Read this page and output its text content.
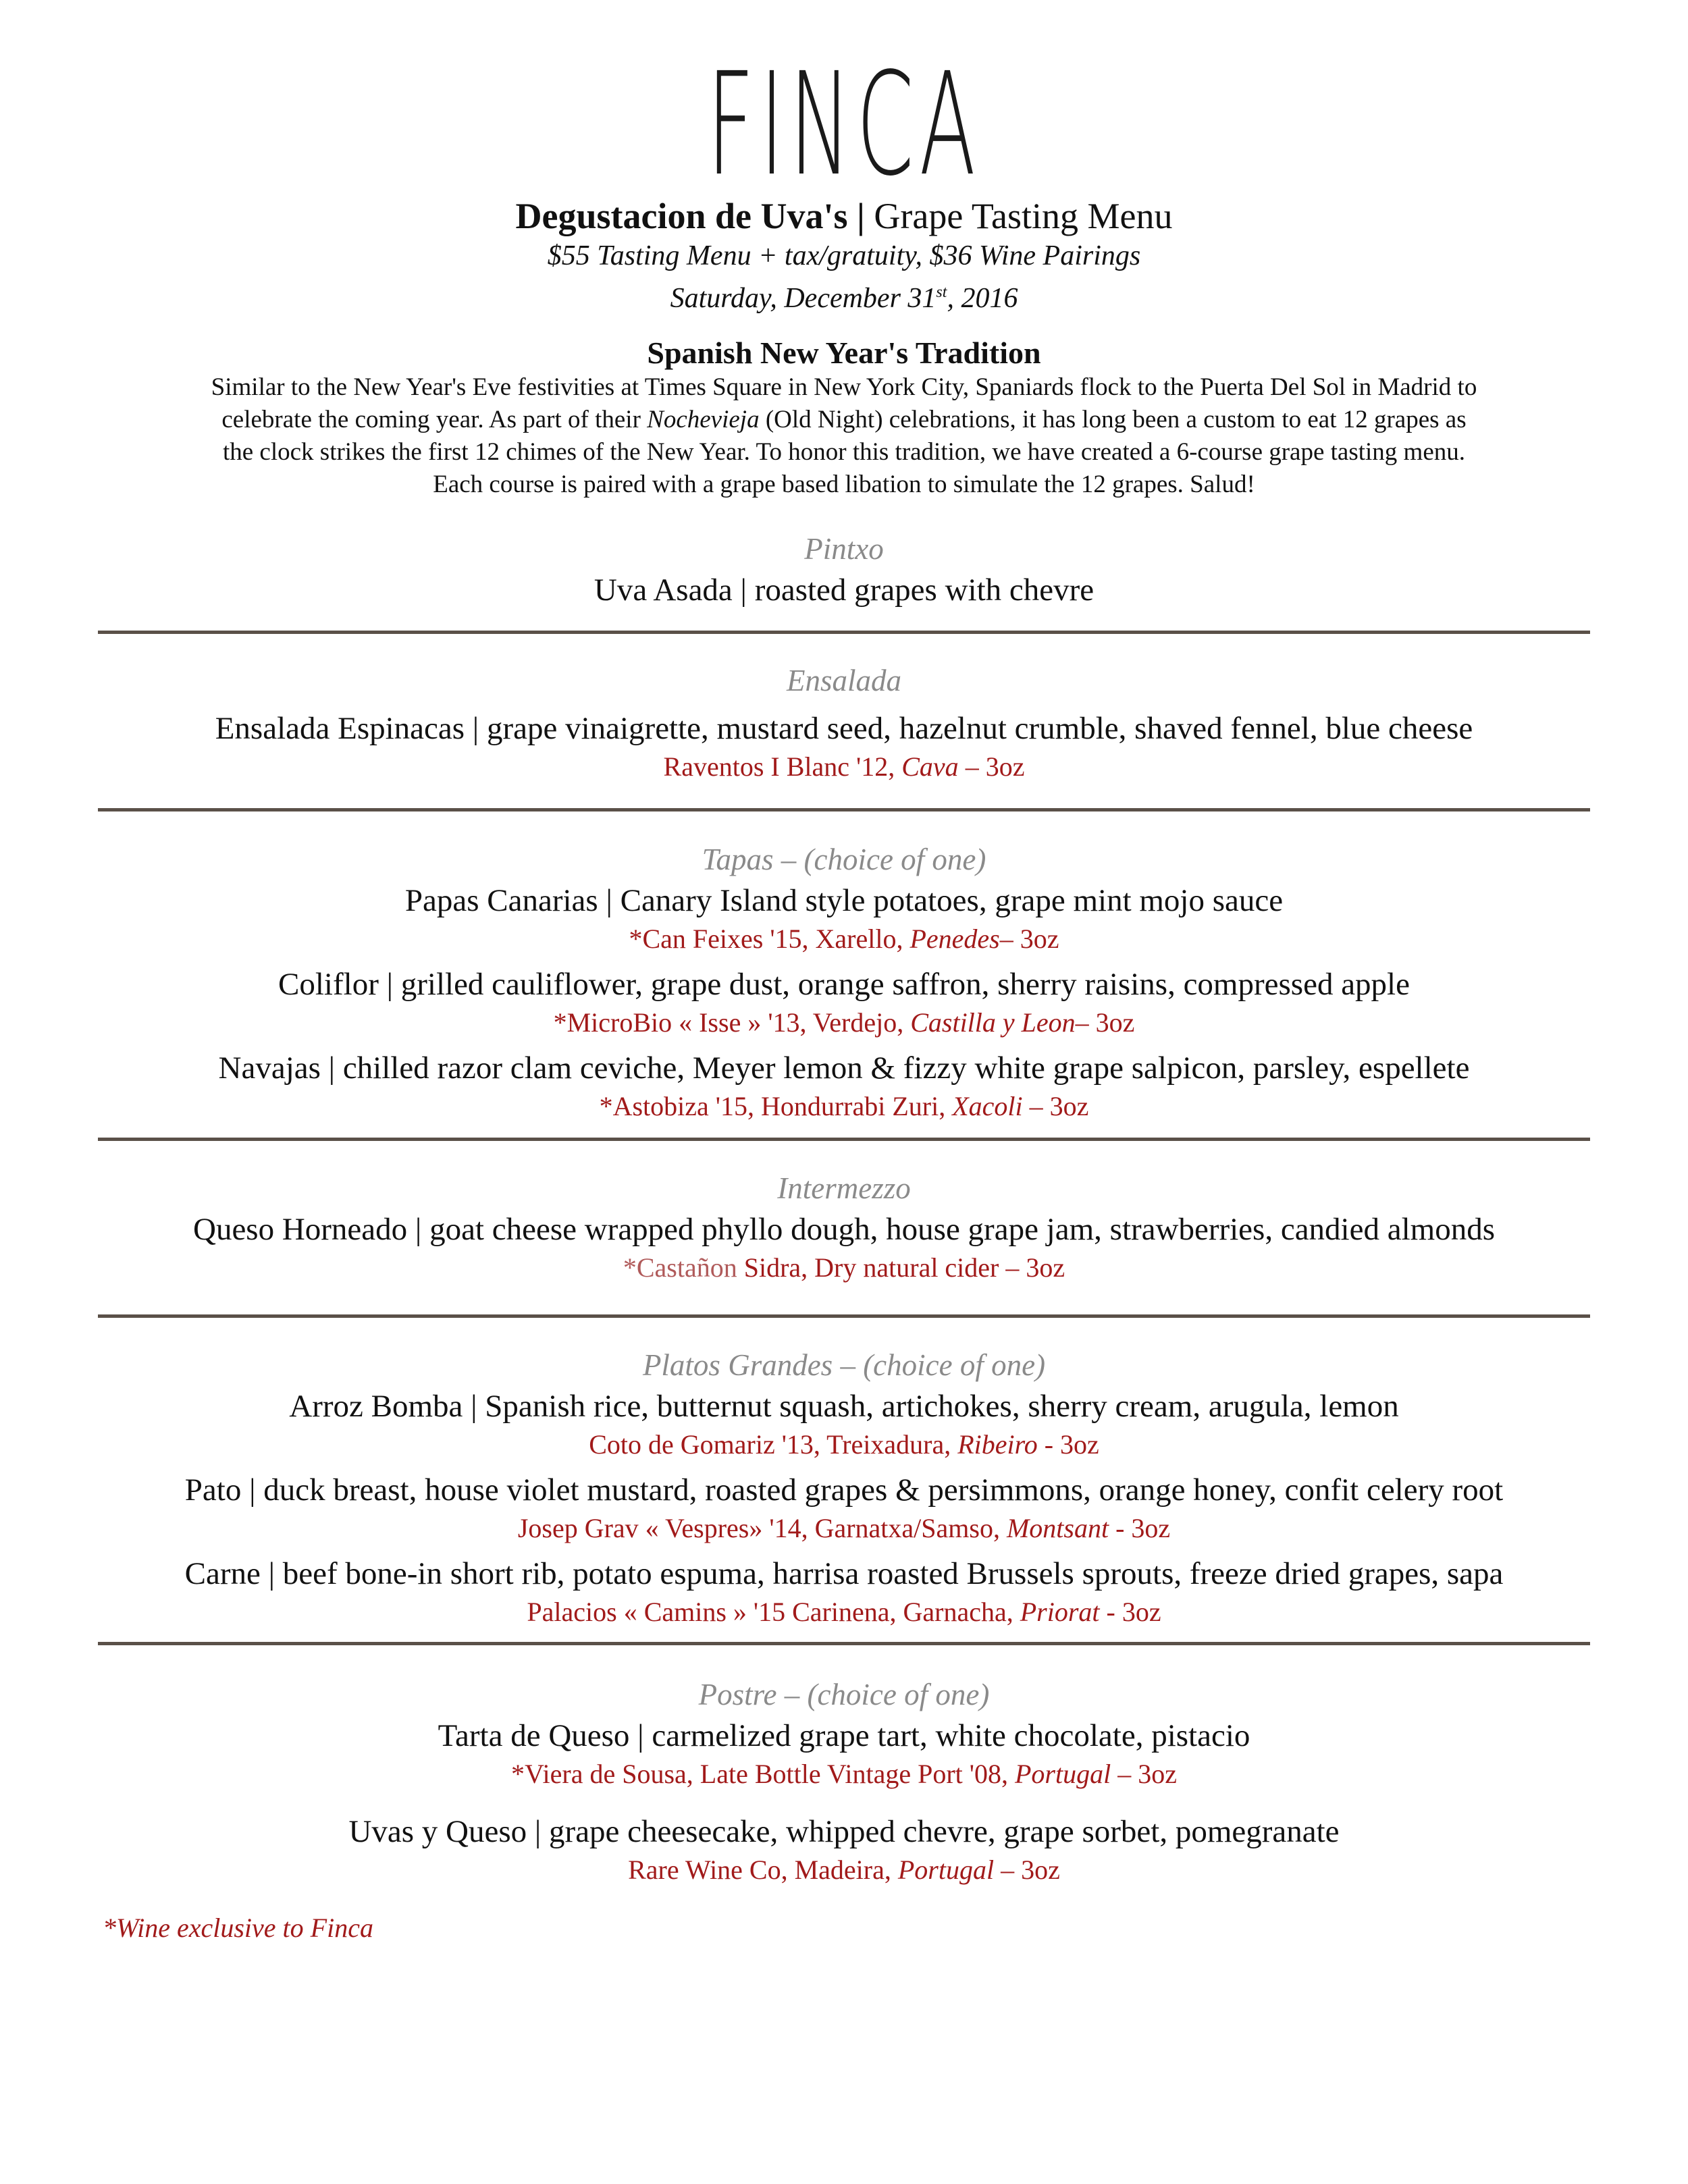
FINCA
Degustacion de Uva's | Grape Tasting Menu
$55 Tasting Menu + tax/gratuity, $36 Wine Pairings
Saturday, December 31st, 2016
Spanish New Year's Tradition

Similar to the New Year's Eve festivities at Times Square in New York City, Spaniards flock to the Puerta Del Sol in Madrid to

celebrate the coming year. As part of their Nochevieja (Old Night) celebrations, it has long been a custom to eat 12 grapes as

the clock strikes the first 12 chimes of the New Year. To honor this tradition, we have created a 6-course grape tasting menu.

Each course is paired with a grape based libation to simulate the 12 grapes. Salud!

Pintxo
Uva Asada | roasted grapes with chevre
Ensalada
Ensalada Espinacas | grape vinaigrette, mustard seed, hazelnut crumble, shaved fennel, blue cheese
Raventos I Blanc '12, Cava – 3oz
Tapas – (choice of one)
Papas Canarias | Canary Island style potatoes, grape mint mojo sauce
*Can Feixes '15, Xarello, Penedes– 3oz
Coliflor | grilled cauliflower, grape dust, orange saffron, sherry raisins, compressed apple
*MicroBio « Isse » '13, Verdejo, Castilla y Leon– 3oz
Navajas | chilled razor clam ceviche, Meyer lemon & fizzy white grape salpicon, parsley, espellete
*Astobiza '15, Hondurrabi Zuri, Xacoli – 3oz
Intermezzo
Queso Horneado | goat cheese wrapped phyllo dough, house grape jam, strawberries, candied almonds
*Castañon Sidra, Dry natural cider – 3oz
Platos Grandes – (choice of one)
Arroz Bomba | Spanish rice, butternut squash, artichokes, sherry cream, arugula, lemon
Coto de Gomariz '13, Treixadura, Ribeiro - 3oz
Pato | duck breast, house violet mustard, roasted grapes & persimmons, orange honey, confit celery root
Josep Grav « Vespres» '14, Garnatxa/Samso, Montsant - 3oz
Carne | beef bone-in short rib, potato espuma, harrisa roasted Brussels sprouts, freeze dried grapes, sapa
Palacios « Camins » '15 Carinena, Garnacha, Priorat - 3oz
Postre – (choice of one)
Tarta de Queso | carmelized grape tart, white chocolate, pistacio
*Viera de Sousa, Late Bottle Vintage Port '08, Portugal – 3oz
Uvas y Queso | grape cheesecake, whipped chevre, grape sorbet, pomegranate
Rare Wine Co, Madeira, Portugal – 3oz
*Wine exclusive to Finca
